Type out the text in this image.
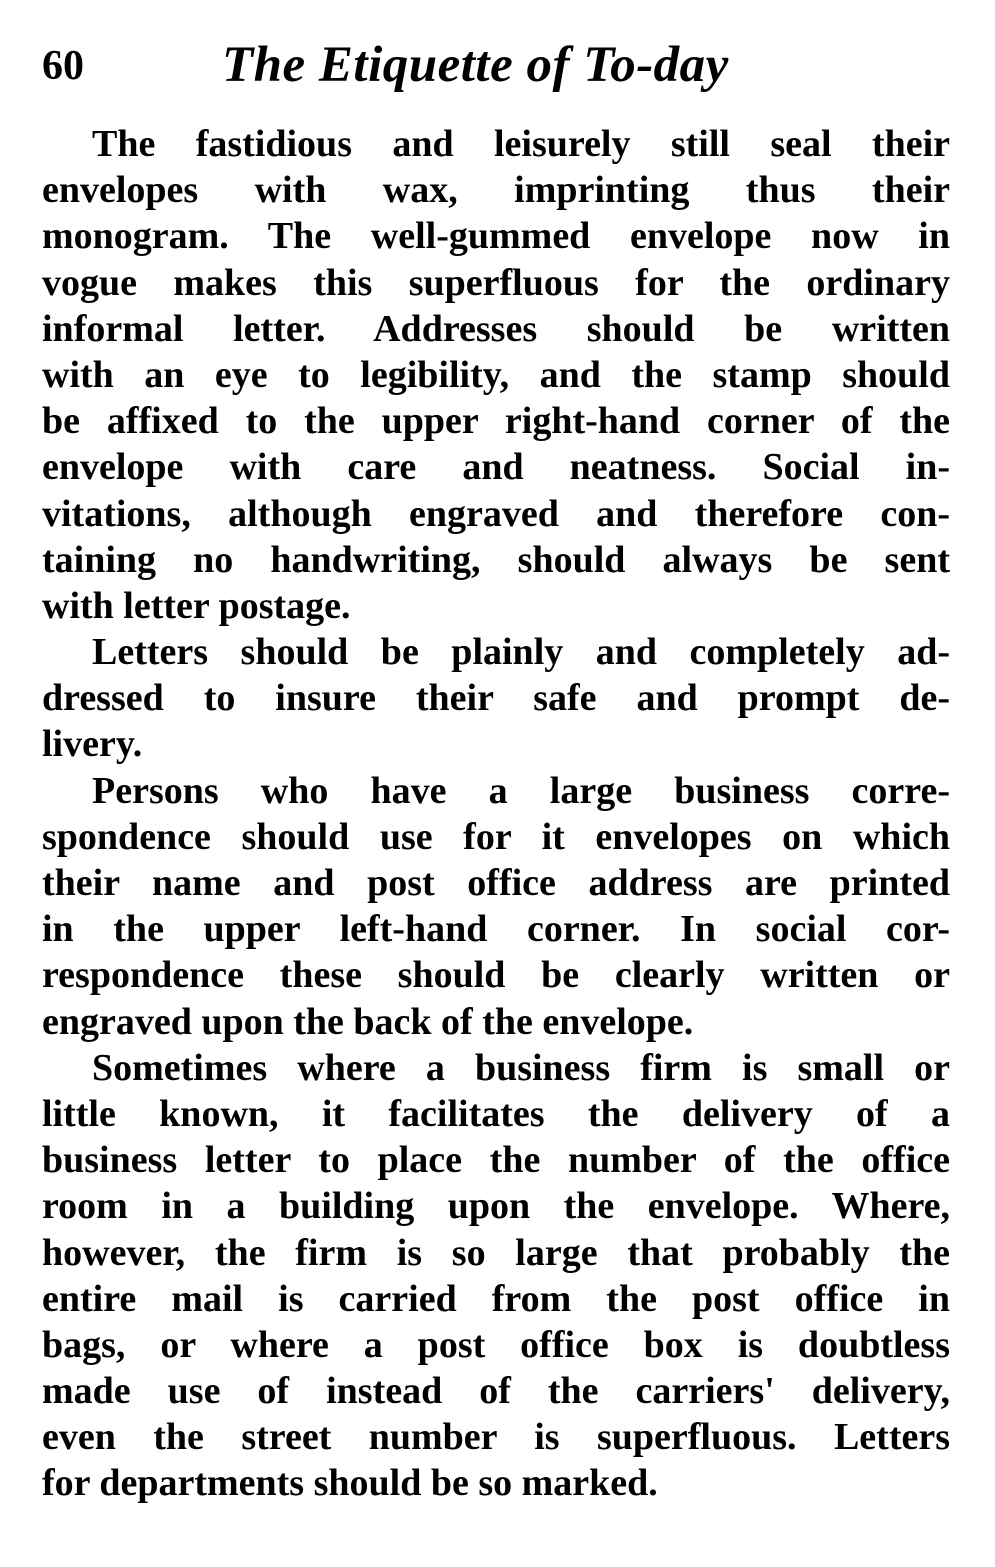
60	The Etiquette of To-day
The fastidious and leisurely still seal their
envelopes with wax, imprinting thus their
monogram. The well-gummed envelope now in
vogue makes this superfluous for the ordinary
informal letter. Addresses should be written
with an eye to legibility, and the stamp should
be affixed to the upper right-hand corner of the
envelope with care and neatness. Social in-
vitations, although engraved and therefore con-
taining no handwriting, should always be sent
with letter postage.
Letters should be plainly and completely ad-
dressed to insure their safe and prompt de-
livery.
Persons who have a large business corre-
spondence should use for it envelopes on which
their name and post office address are printed
in the upper left-hand corner. In social cor-
respondence these should be clearly written or
engraved upon the back of the envelope.
Sometimes where a business firm is small or
little known, it facilitates the delivery of a
business letter to place the number of the office
room in a building upon the envelope. Where,
however, the firm is so large that probably the
entire mail is carried from the post office in
bags, or where a post office box is doubtless
made use of instead of the carriers' delivery,
even the street number is superfluous. Letters
for departments should be so marked.
